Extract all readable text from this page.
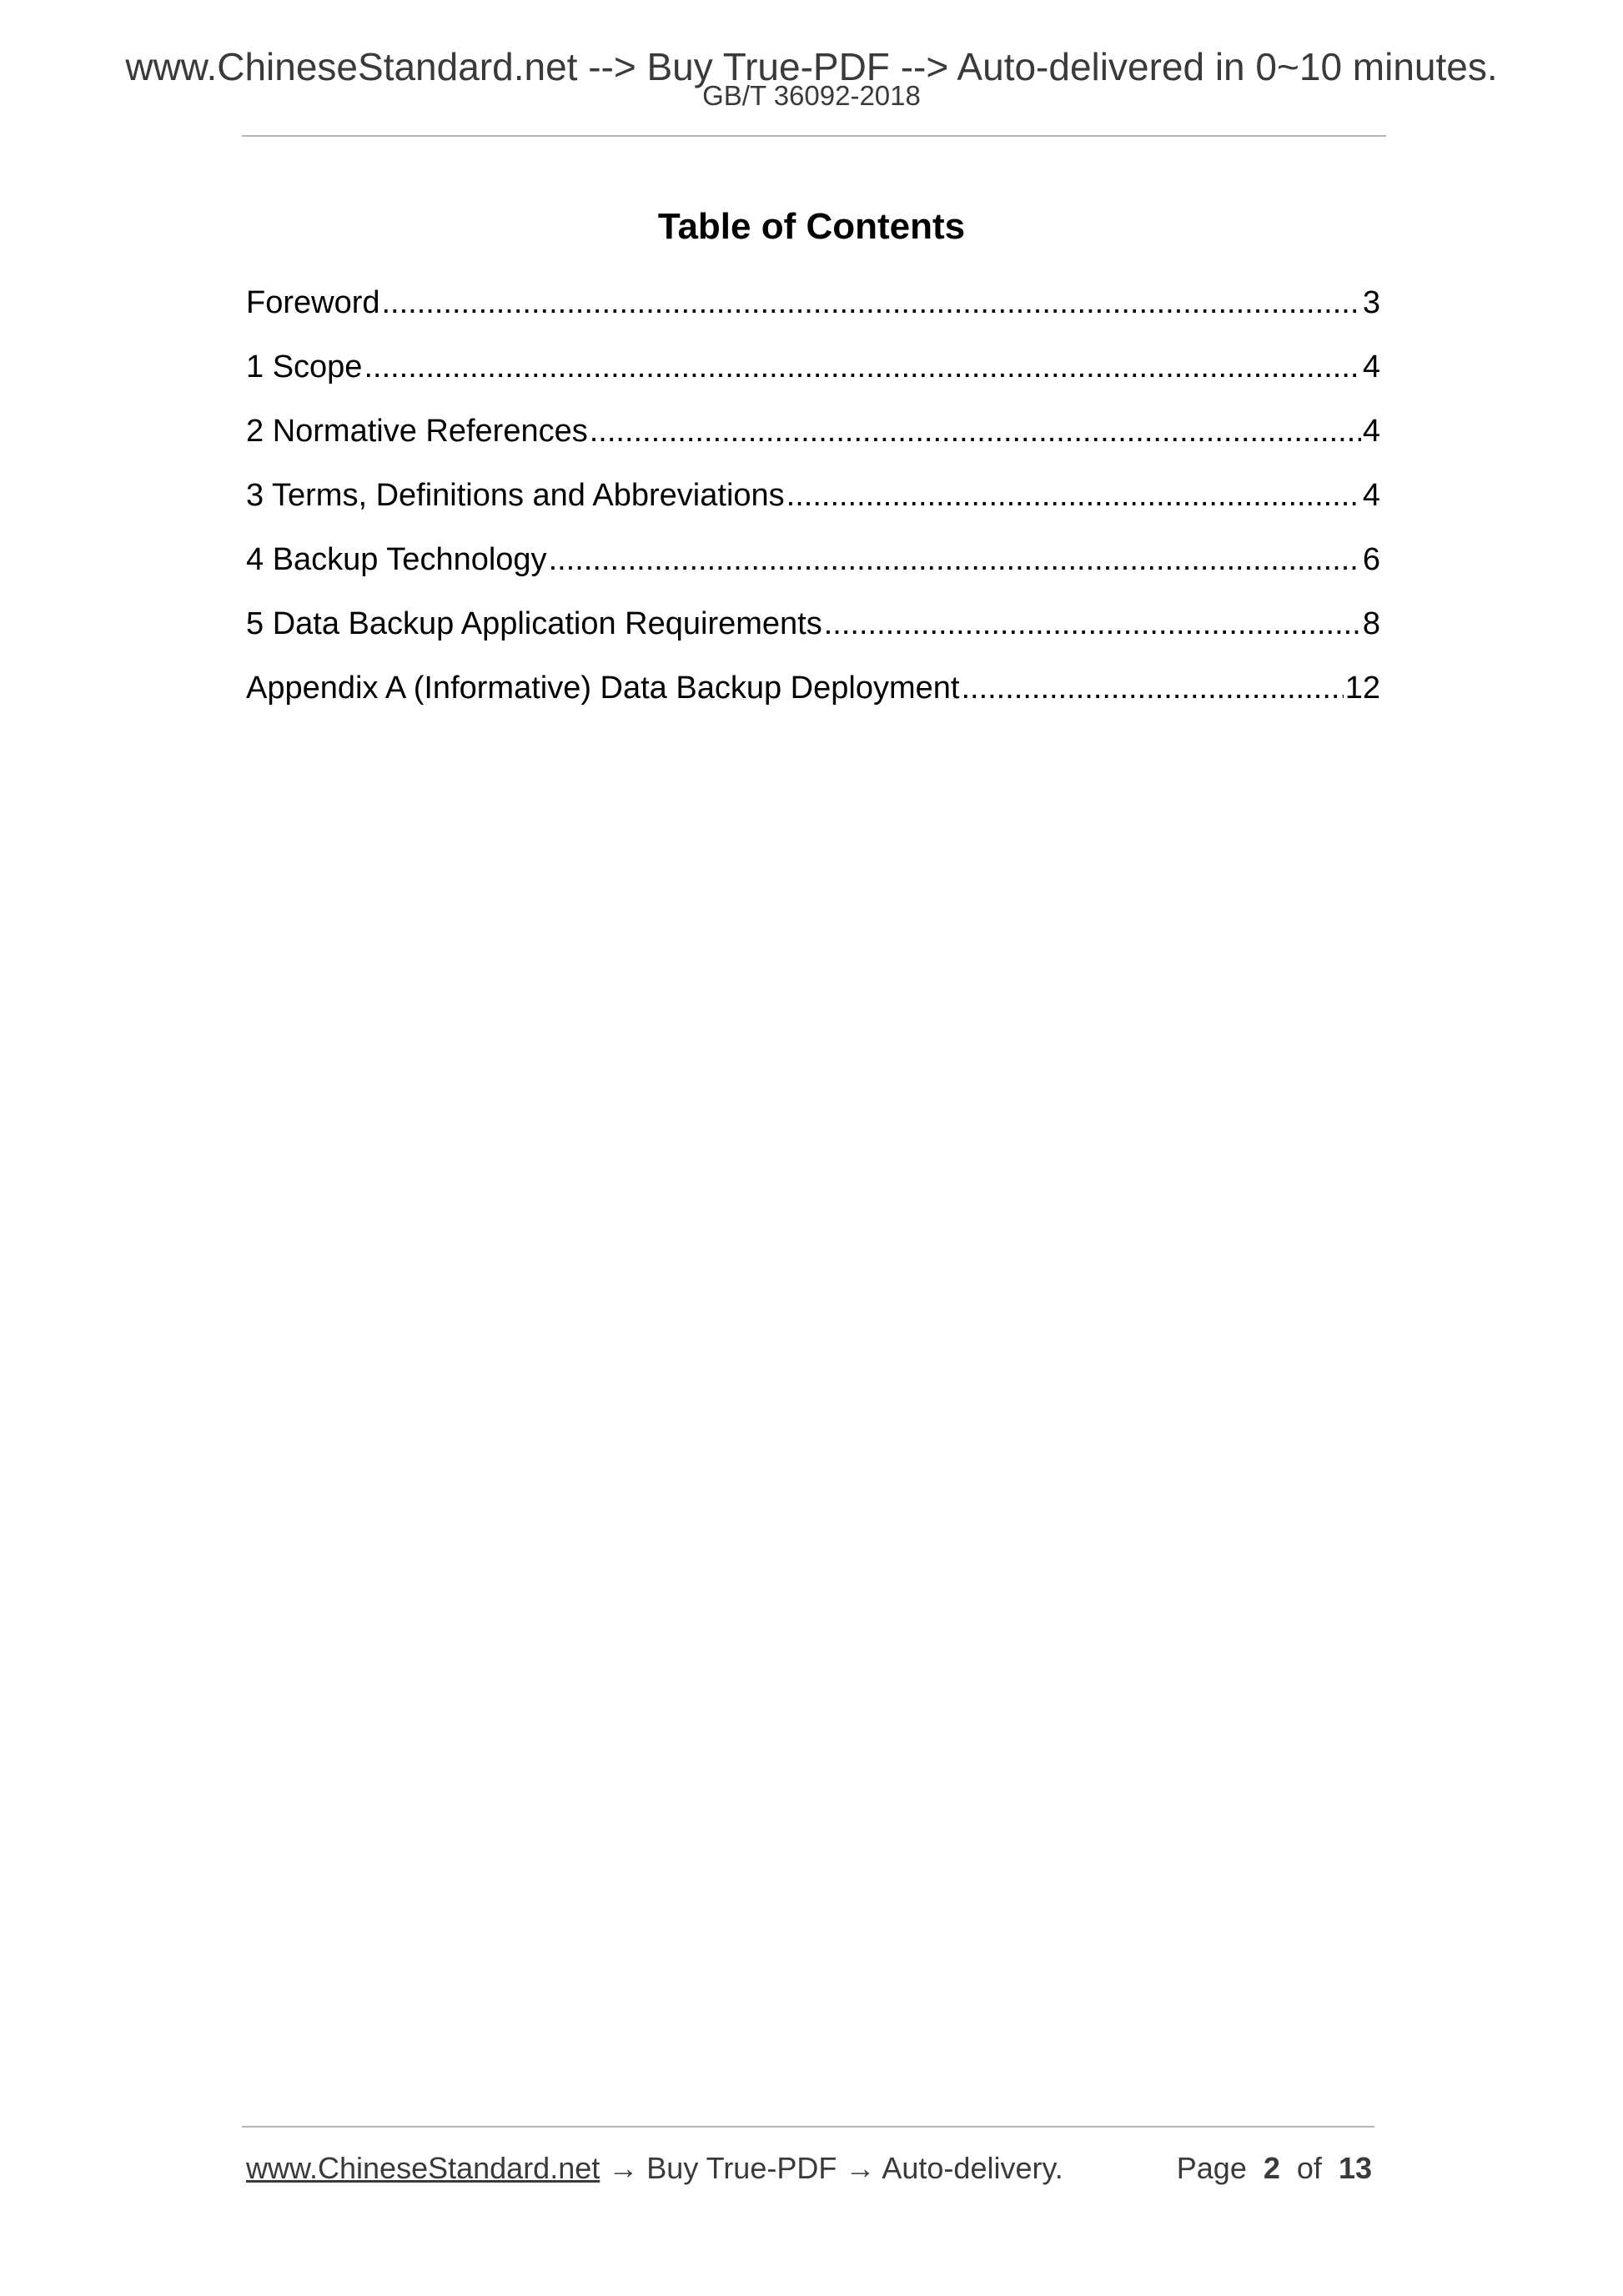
www.ChineseStandard.net --> Buy True-PDF --> Auto-delivered in 0~10 minutes.
GB/T 36092-2018
Table of Contents
Foreword .....	3
1 Scope .....	4
2 Normative References .....	4
3 Terms, Definitions and Abbreviations .....	4
4 Backup Technology .....	6
5 Data Backup Application Requirements .....	8
Appendix A (Informative) Data Backup Deployment .....	12
www.ChineseStandard.net → Buy True-PDF → Auto-delivery.	Page 2 of 13
